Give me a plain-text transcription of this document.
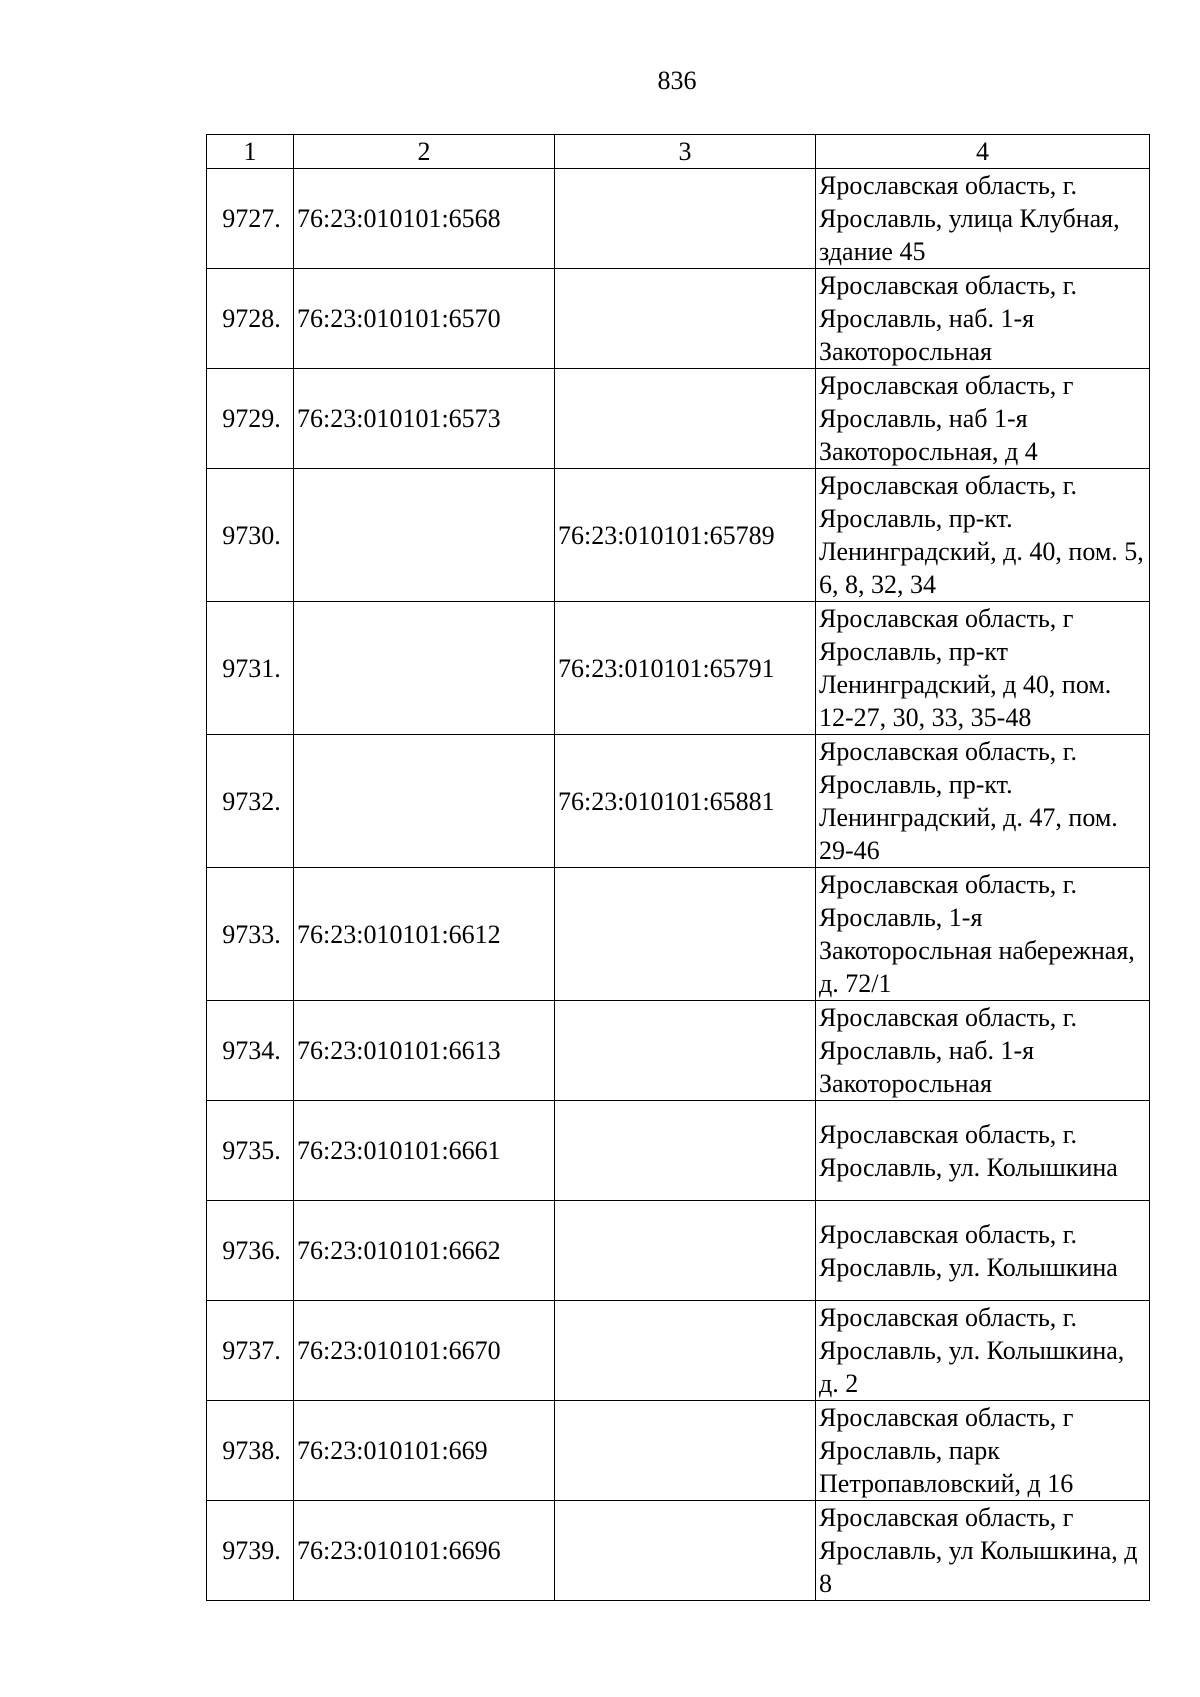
836
1	2	3	4
9727.	76:23:010101:6568		Ярославская область, г. Ярославль, улица Клубная, здание 45
9728.	76:23:010101:6570		Ярославская область, г. Ярославль, наб. 1-я Закоторосльная
9729.	76:23:010101:6573		Ярославская область, г Ярославль, наб 1-я Закоторосльная, д 4
9730.		76:23:010101:65789	Ярославская область, г. Ярославль, пр-кт. Ленинградский, д. 40, пом. 5, 6, 8, 32, 34
9731.		76:23:010101:65791	Ярославская область, г Ярославль, пр-кт Ленинградский, д 40, пом. 12-27, 30, 33, 35-48
9732.		76:23:010101:65881	Ярославская область, г. Ярославль, пр-кт. Ленинградский, д. 47, пом. 29-46
9733.	76:23:010101:6612		Ярославская область, г. Ярославль, 1-я Закоторосльная набережная, д. 72/1
9734.	76:23:010101:6613		Ярославская область, г. Ярославль, наб. 1-я Закоторосльная
9735.	76:23:010101:6661		Ярославская область, г. Ярославль, ул. Колышкина
9736.	76:23:010101:6662		Ярославская область, г. Ярославль, ул. Колышкина
9737.	76:23:010101:6670		Ярославская область, г. Ярославль, ул. Колышкина, д. 2
9738.	76:23:010101:669		Ярославская область, г Ярославль, парк Петропавловский, д 16
9739.	76:23:010101:6696		Ярославская область, г Ярославль, ул Колышкина, д 8
